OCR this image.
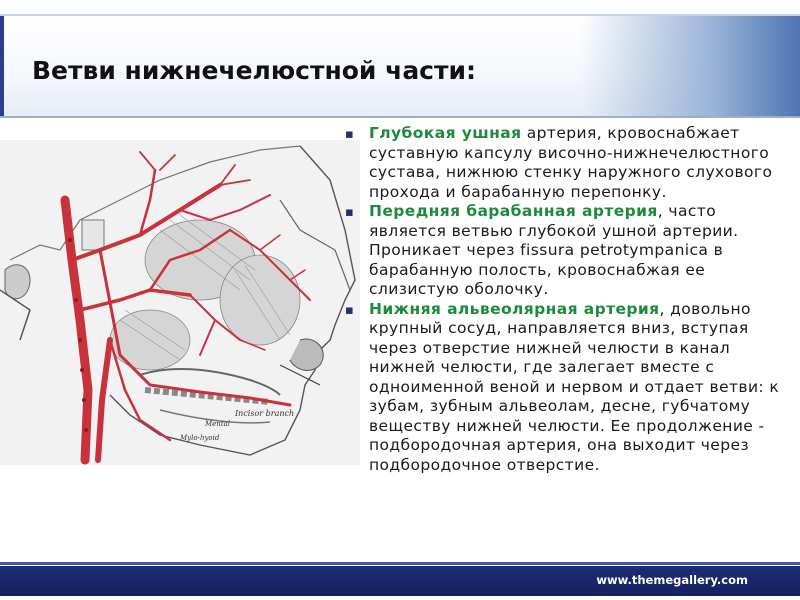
Ветви нижнечелюстной части:
Incisor branch
Mental
Mylo-hyoid

▪ Глубокая ушная артерия, кровоснабжает суставную капсулу височно-нижнечелюстного сустава, нижнюю стенку наружного слухового прохода и барабанную перепонку.

▪ Передняя барабанная артерия, часто является ветвью глубокой ушной артерии. Проникает через fissura petrotympanica в барабанную полость, кровоснабжая ее слизистую оболочку.

▪ Нижняя альвеолярная артерия, довольно крупный сосуд, направляется вниз, вступая через отверстие нижней челюсти в канал нижней челюсти, где залегает вместе с одноименной веной и нервом и отдает ветви: к зубам, зубным альвеолам, десне, губчатому веществу нижней челюсти. Ее продолжение - подбородочная артерия, она выходит через подбородочное отверстие.

www.themegallery.com
